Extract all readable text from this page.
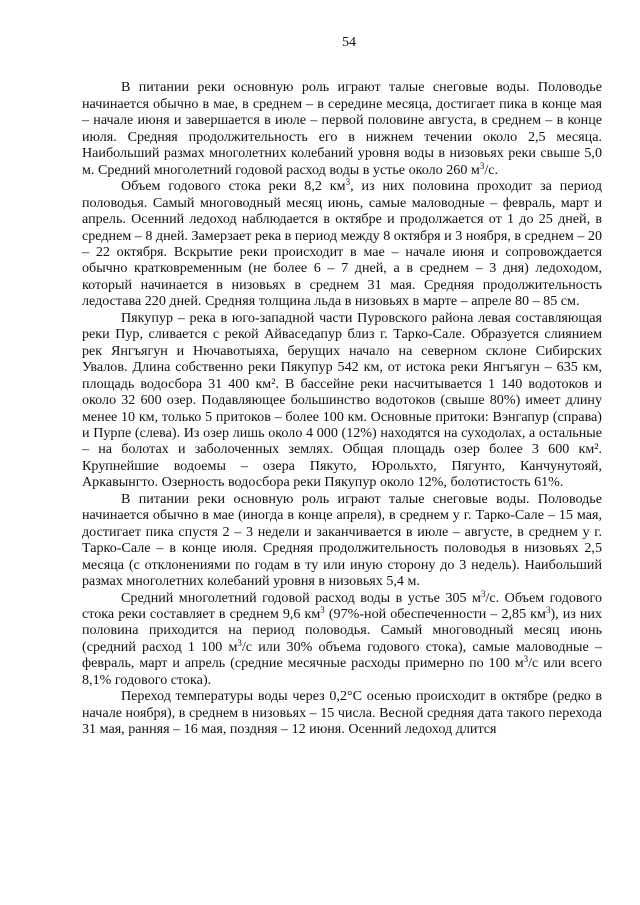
54

В питании реки основную роль играют талые снеговые воды. Половодье начинается обычно в мае, в среднем – в середине месяца, достигает пика в конце мая – начале июня и завершается в июле – первой половине августа, в среднем – в конце июля. Средняя продолжительность его в нижнем течении около 2,5 месяца. Наибольший размах многолетних колебаний уровня воды в низовьях реки свыше 5,0 м. Средний многолетний годовой расход воды в устье около 260 $м^3/с$.

Объем годового стока реки 8,2 $км^3$, из них половина проходит за период половодья. Самый многоводный месяц июнь, самые маловодные – февраль, март и апрель. Осенний ледоход наблюдается в октябре и продолжается от 1 до 25 дней, в среднем – 8 дней. Замерзает река в период между 8 октября и 3 ноября, в среднем – 20 – 22 октября. Вскрытие реки происходит в мае – начале июня и сопровождается обычно кратковременным (не более 6 – 7 дней, а в среднем – 3 дня) ледоходом, который начинается в низовьях в среднем 31 мая. Средняя продолжительность ледостава 220 дней. Средняя толщина льда в низовьях в марте – апреле 80 – 85 см.

Пякупур – река в юго-западной части Пуровского района левая составляющая реки Пур, сливается с рекой Айваседапур близ г. Тарко-Сале. Образуется слиянием рек Янгъягун и Нючавотыяха, берущих начало на северном склоне Сибирских Увалов. Длина собственно реки Пякупур 542 км, от истока реки Янгъягун – 635 км, площадь водосбора 31 400 км². В бассейне реки насчитывается 1 140 водотоков и около 32 600 озер. Подавляющее большинство водотоков (свыше 80%) имеет длину менее 10 км, только 5 притоков – более 100 км. Основные притоки: Вэнгапур (справа) и Пурпе (слева). Из озер лишь около 4 000 (12%) находятся на суходолах, а остальные – на болотах и заболоченных землях. Общая площадь озер более 3 600 км². Крупнейшие водоемы – озера Пякуто, Юрольхто, Пягунто, Канчунутояй, Аркавынгто. Озерность водосбора реки Пякупур около 12%, болотистость 61%.

В питании реки основную роль играют талые снеговые воды. Половодье начинается обычно в мае (иногда в конце апреля), в среднем у г. Тарко-Сале – 15 мая, достигает пика спустя 2 – 3 недели и заканчивается в июле – августе, в среднем у г. Тарко-Сале – в конце июля. Средняя продолжительность половодья в низовьях 2,5 месяца (с отклонениями по годам в ту или иную сторону до 3 недель). Наибольший размах многолетних колебаний уровня в низовьях 5,4 м.

Средний многолетний годовой расход воды в устье 305 $м^3/с$. Объем годового стока реки составляет в среднем 9,6 $км^3$ (97%-ной обеспеченности – 2,85 $км^3$), из них половина приходится на период половодья. Самый многоводный месяц июнь (средний расход 1 100 $м^3/с$ или 30% объема годового стока), самые маловодные – февраль, март и апрель (средние месячные расходы примерно по 100 $м^3/с$ или всего 8,1% годового стока).

Переход температуры воды через 0,2°С осенью происходит в октябре (редко в начале ноября), в среднем в низовьях – 15 числа. Весной средняя дата такого перехода 31 мая, ранняя – 16 мая, поздняя – 12 июня. Осенний ледоход длится
